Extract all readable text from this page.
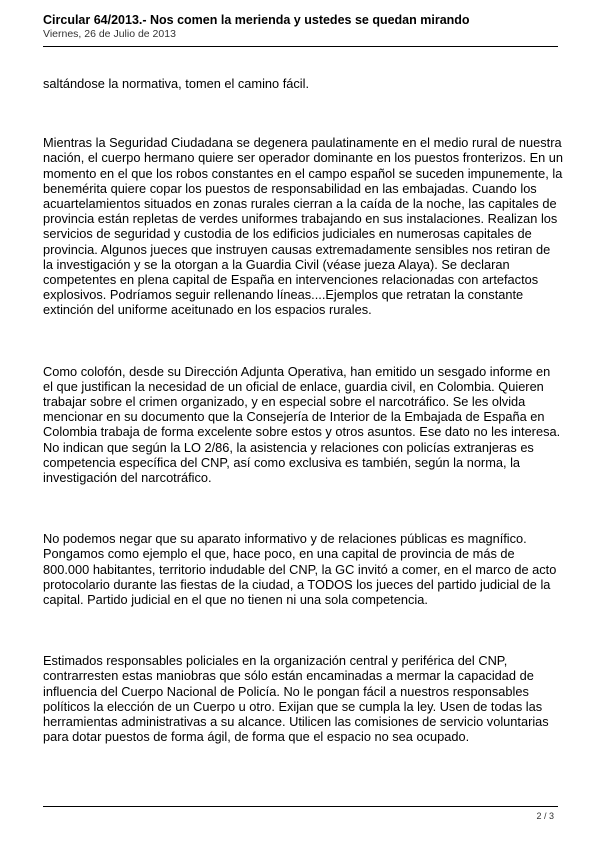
Circular 64/2013.- Nos comen la merienda y ustedes se quedan mirando
Viernes, 26 de Julio de 2013

saltándose la normativa, tomen el camino fácil.

Mientras la Seguridad Ciudadana se degenera paulatinamente en el medio rural de nuestra nación, el cuerpo hermano quiere ser operador dominante en los puestos fronterizos. En un momento en el que los robos constantes en el campo español se suceden impunemente, la benemérita quiere copar los puestos de responsabilidad en las embajadas. Cuando los acuartelamientos situados en zonas rurales cierran a la caída de la noche, las capitales de provincia están repletas de verdes uniformes trabajando en sus instalaciones. Realizan los servicios de seguridad y custodia de los edificios judiciales en numerosas capitales de provincia. Algunos jueces que instruyen causas extremadamente sensibles nos retiran de la investigación y se la otorgan a la Guardia Civil (véase jueza Alaya). Se declaran competentes en plena capital de España en intervenciones relacionadas con artefactos explosivos. Podríamos seguir rellenando líneas....Ejemplos que retratan la constante extinción del uniforme aceitunado en los espacios rurales.

Como colofón, desde su Dirección Adjunta Operativa, han emitido un sesgado informe en el que justifican la necesidad de un oficial de enlace, guardia civil, en Colombia. Quieren trabajar sobre el crimen organizado, y en especial sobre el narcotráfico. Se les olvida mencionar en su documento que la Consejería de Interior de la Embajada de España en Colombia trabaja de forma excelente sobre estos y otros asuntos. Ese dato no les interesa. No indican que según la LO 2/86, la asistencia y relaciones con policías extranjeras es competencia específica del CNP, así como exclusiva es también, según la norma, la investigación del narcotráfico.

No podemos negar que su aparato informativo y de relaciones públicas es magnífico. Pongamos como ejemplo el que, hace poco, en una capital de provincia de más de 800.000 habitantes, territorio indudable del CNP, la GC invitó a comer, en el marco de acto protocolario durante las fiestas de la ciudad, a TODOS los jueces del partido judicial de la capital. Partido judicial en el que no tienen ni una sola competencia.

Estimados responsables policiales en la organización central y periférica del CNP, contrarresten estas maniobras que sólo están encaminadas a mermar la capacidad de influencia del Cuerpo Nacional de Policía. No le pongan fácil a nuestros responsables políticos la elección de un Cuerpo u otro. Exijan que se cumpla la ley. Usen de todas las herramientas administrativas a su alcance. Utilicen las comisiones de servicio voluntarias para dotar puestos de forma ágil, de forma que el espacio no sea ocupado.

2 / 3
